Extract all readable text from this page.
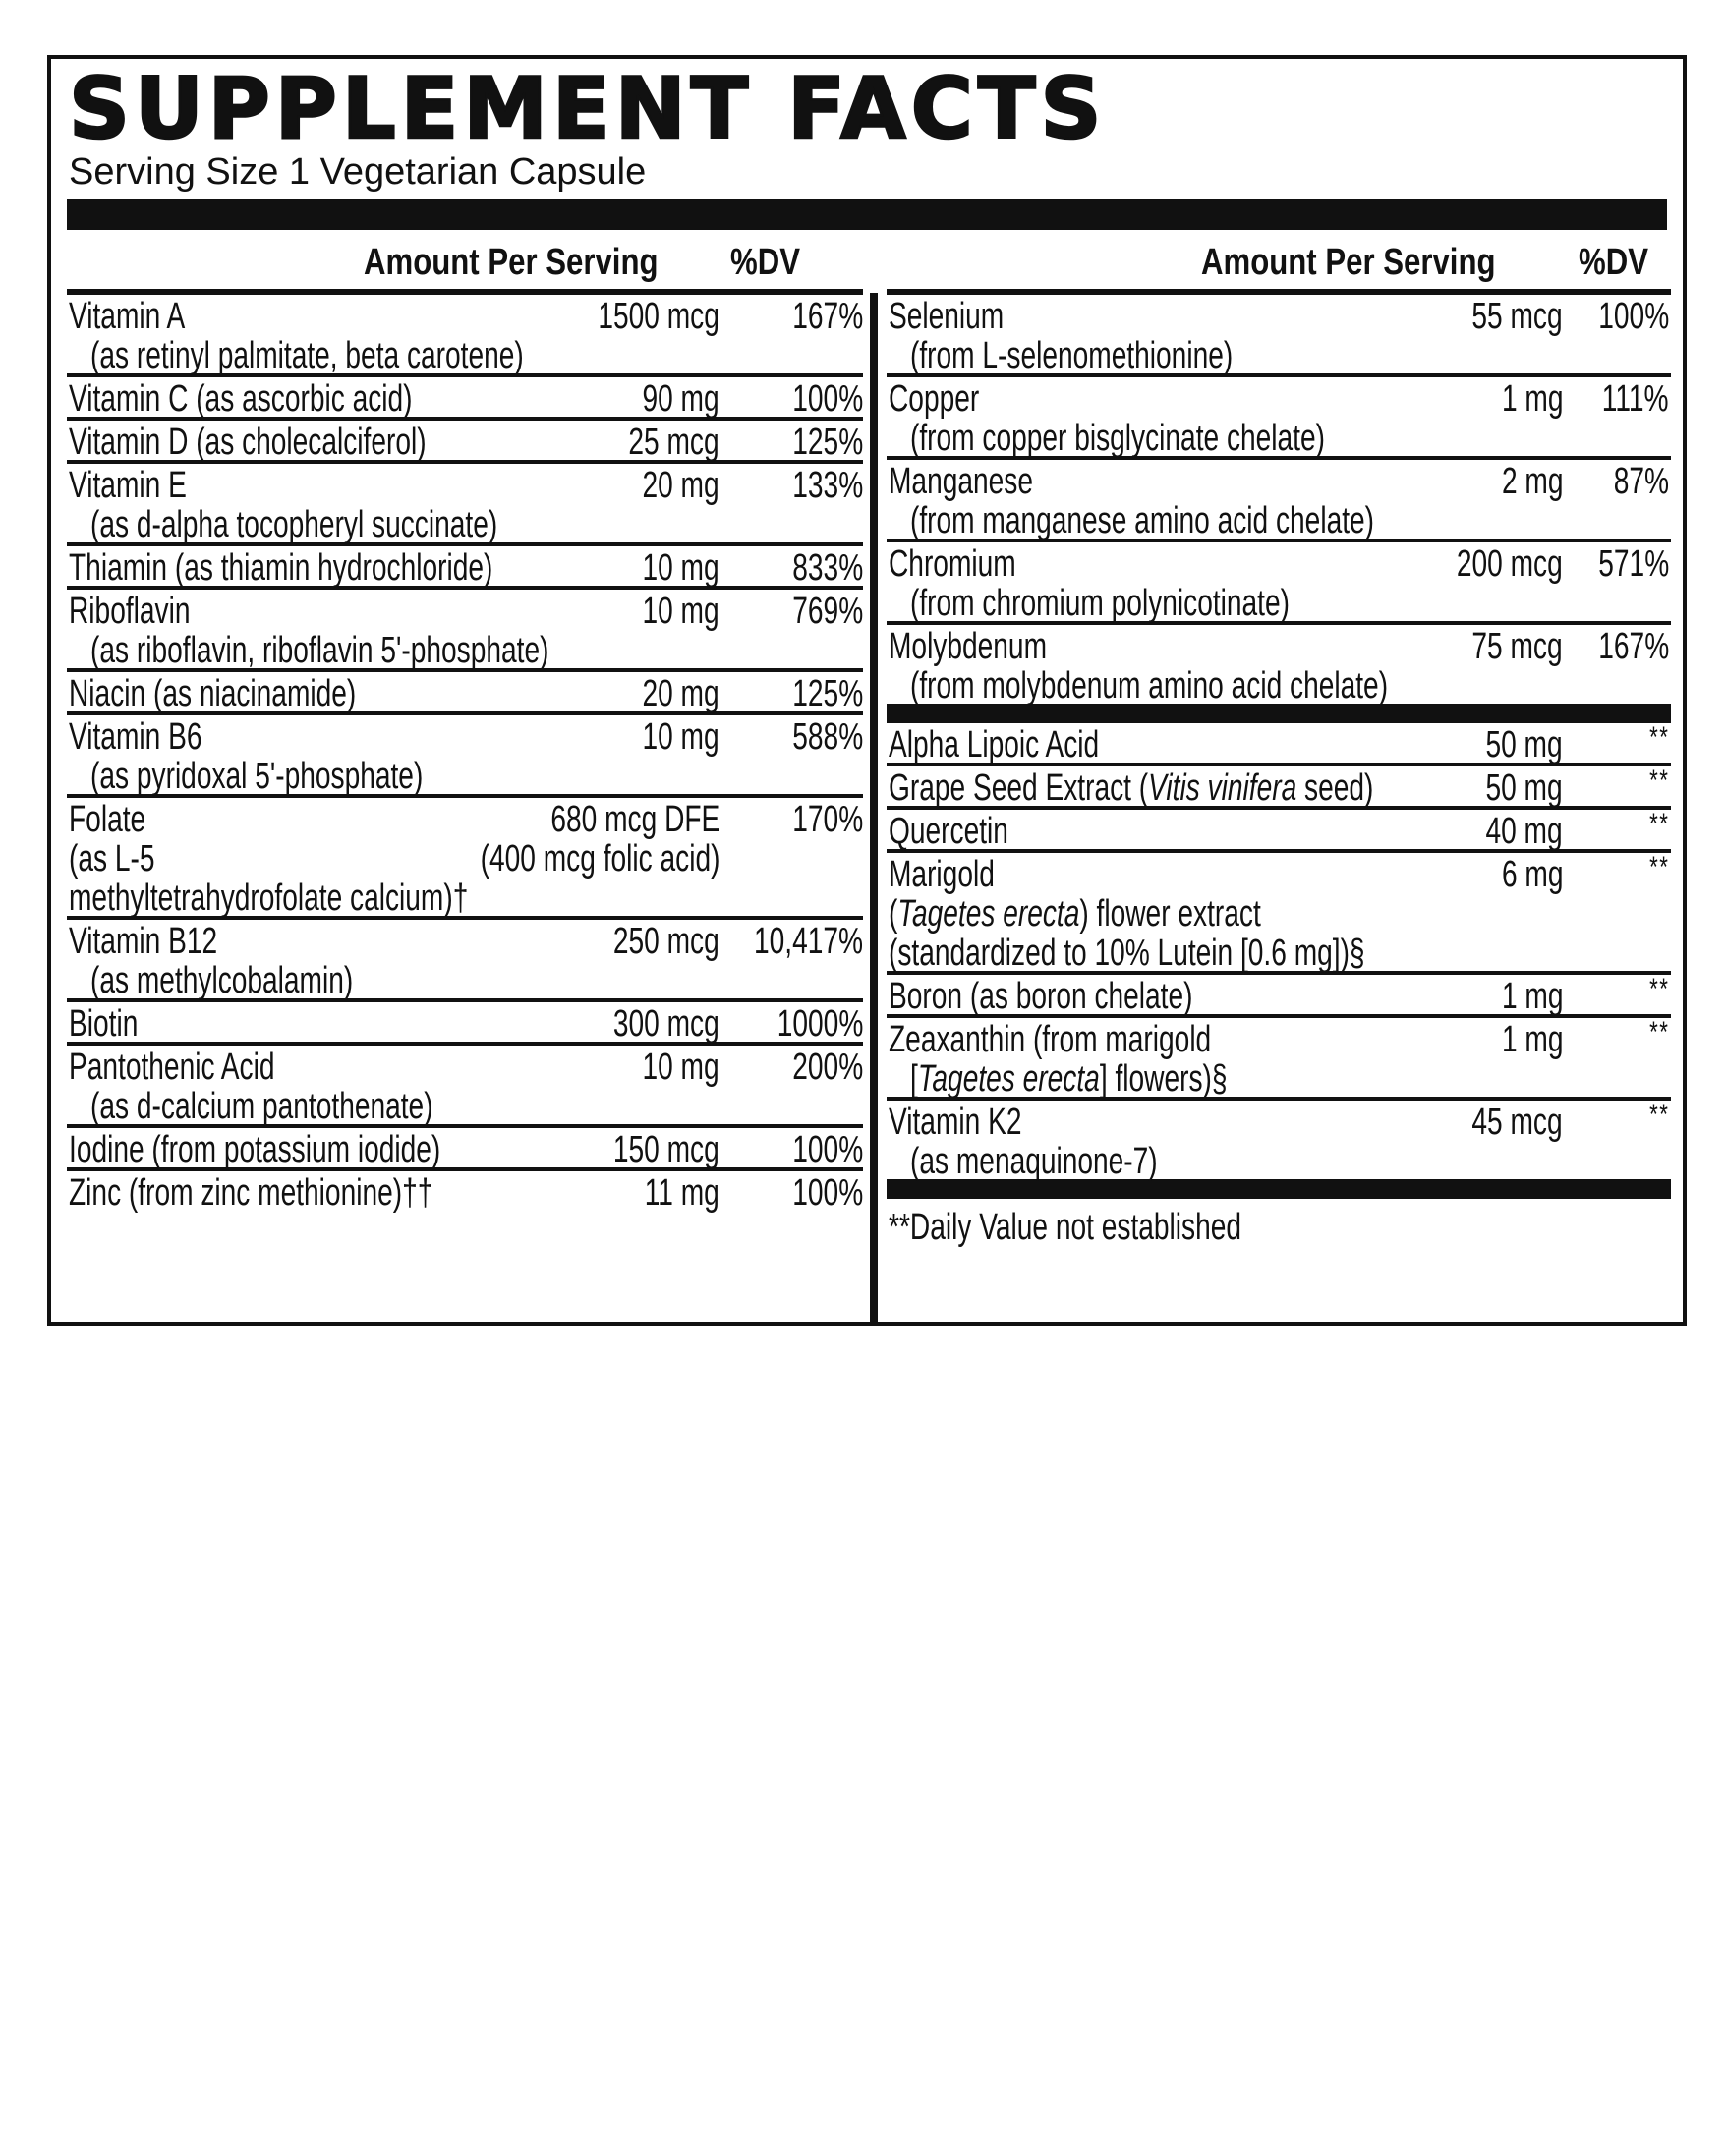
SUPPLEMENT FACTS
Serving Size 1 Vegetarian Capsule
Amount Per Serving %DV
Vitamin A	1500 mcg 167%
(as retinyl palmitate, beta carotene)
Vitamin C (as ascorbic acid)	90 mg 100%
Vitamin D (as cholecalciferol)	25 mcg 125%
Vitamin E	20 mg 133%
(as d-alpha tocopheryl succinate)
Thiamin (as thiamin hydrochloride)	10 mg 833%
Riboflavin	10 mg 769%
(as riboflavin, riboflavin 5'-phosphate)
Niacin (as niacinamide)	20 mg 125%
Vitamin B6	10 mg 588%
(as pyridoxal 5'-phosphate)
Folate	680 mcg DFE 170%
(as L-5	(400 mcg folic acid)
methyltetrahydrofolate calcium)†
Vitamin B12	250 mcg 10,417%
(as methylcobalamin)
Biotin	300 mcg 1000%
Pantothenic Acid	10 mg 200%
(as d-calcium pantothenate)
Iodine (from potassium iodide)	150 mcg 100%
Zinc (from zinc methionine)††	11 mg 100%
Amount Per Serving %DV
Selenium	55 mcg 100%
(from L-selenomethionine)
Copper	1 mg 111%
(from copper bisglycinate chelate)
Manganese	2 mg 87%
(from manganese amino acid chelate)
Chromium	200 mcg 571%
(from chromium polynicotinate)
Molybdenum	75 mcg 167%
(from molybdenum amino acid chelate)
Alpha Lipoic Acid	50 mg	**
Grape Seed Extract (Vitis vinifera seed)	50 mg	**
Quercetin	40 mg	**
Marigold	6 mg	**
(Tagetes erecta) flower extract
(standardized to 10% Lutein [0.6 mg])§
Boron (as boron chelate)	1 mg	**
Zeaxanthin (from marigold	1 mg	**
[Tagetes erecta] flowers)§
Vitamin K2	45 mcg	**
(as menaquinone-7)
**Daily Value not established
